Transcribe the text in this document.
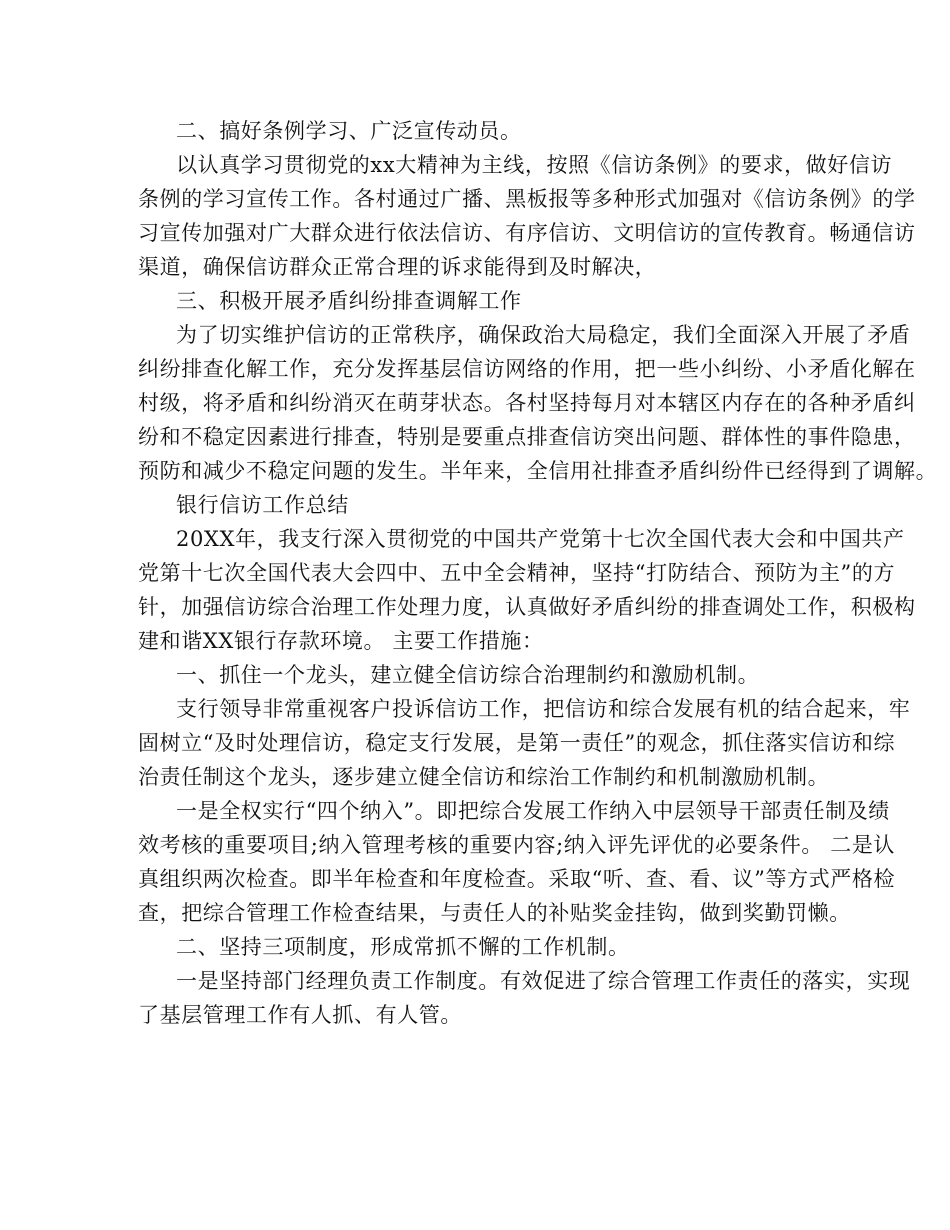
二、搞好条例学习、广泛宣传动员。
以认真学习贯彻党的xx大精神为主线，按照《信访条例》的要求，做好信访
条例的学习宣传工作。各村通过广播、黑板报等多种形式加强对《信访条例》的学
习宣传加强对广大群众进行依法信访、有序信访、文明信访的宣传教育。畅通信访
渠道，确保信访群众正常合理的诉求能得到及时解决，
三、积极开展矛盾纠纷排查调解工作
为了切实维护信访的正常秩序，确保政治大局稳定，我们全面深入开展了矛盾
纠纷排查化解工作，充分发挥基层信访网络的作用，把一些小纠纷、小矛盾化解在
村级，将矛盾和纠纷消灭在萌芽状态。各村坚持每月对本辖区内存在的各种矛盾纠
纷和不稳定因素进行排查，特别是要重点排查信访突出问题、群体性的事件隐患，
预防和减少不稳定问题的发生。半年来，全信用社排查矛盾纠纷件已经得到了调解。
银行信访工作总结
20XX年，我支行深入贯彻党的中国共产党第十七次全国代表大会和中国共产
党第十七次全国代表大会四中、五中全会精神，坚持“打防结合、预防为主”的方
针，加强信访综合治理工作处理力度，认真做好矛盾纠纷的排查调处工作，积极构
建和谐XX银行存款环境。 主要工作措施：
一、抓住一个龙头，建立健全信访综合治理制约和激励机制。
支行领导非常重视客户投诉信访工作，把信访和综合发展有机的结合起来，牢
固树立“及时处理信访，稳定支行发展，是第一责任”的观念，抓住落实信访和综
治责任制这个龙头，逐步建立健全信访和综治工作制约和机制激励机制。
一是全权实行“四个纳入”。即把综合发展工作纳入中层领导干部责任制及绩
效考核的重要项目;纳入管理考核的重要内容;纳入评先评优的必要条件。 二是认
真组织两次检查。即半年检查和年度检查。采取“听、查、看、议”等方式严格检
查，把综合管理工作检查结果，与责任人的补贴奖金挂钩，做到奖勤罚懒。
二、坚持三项制度，形成常抓不懈的工作机制。
一是坚持部门经理负责工作制度。有效促进了综合管理工作责任的落实，实现
了基层管理工作有人抓、有人管。
